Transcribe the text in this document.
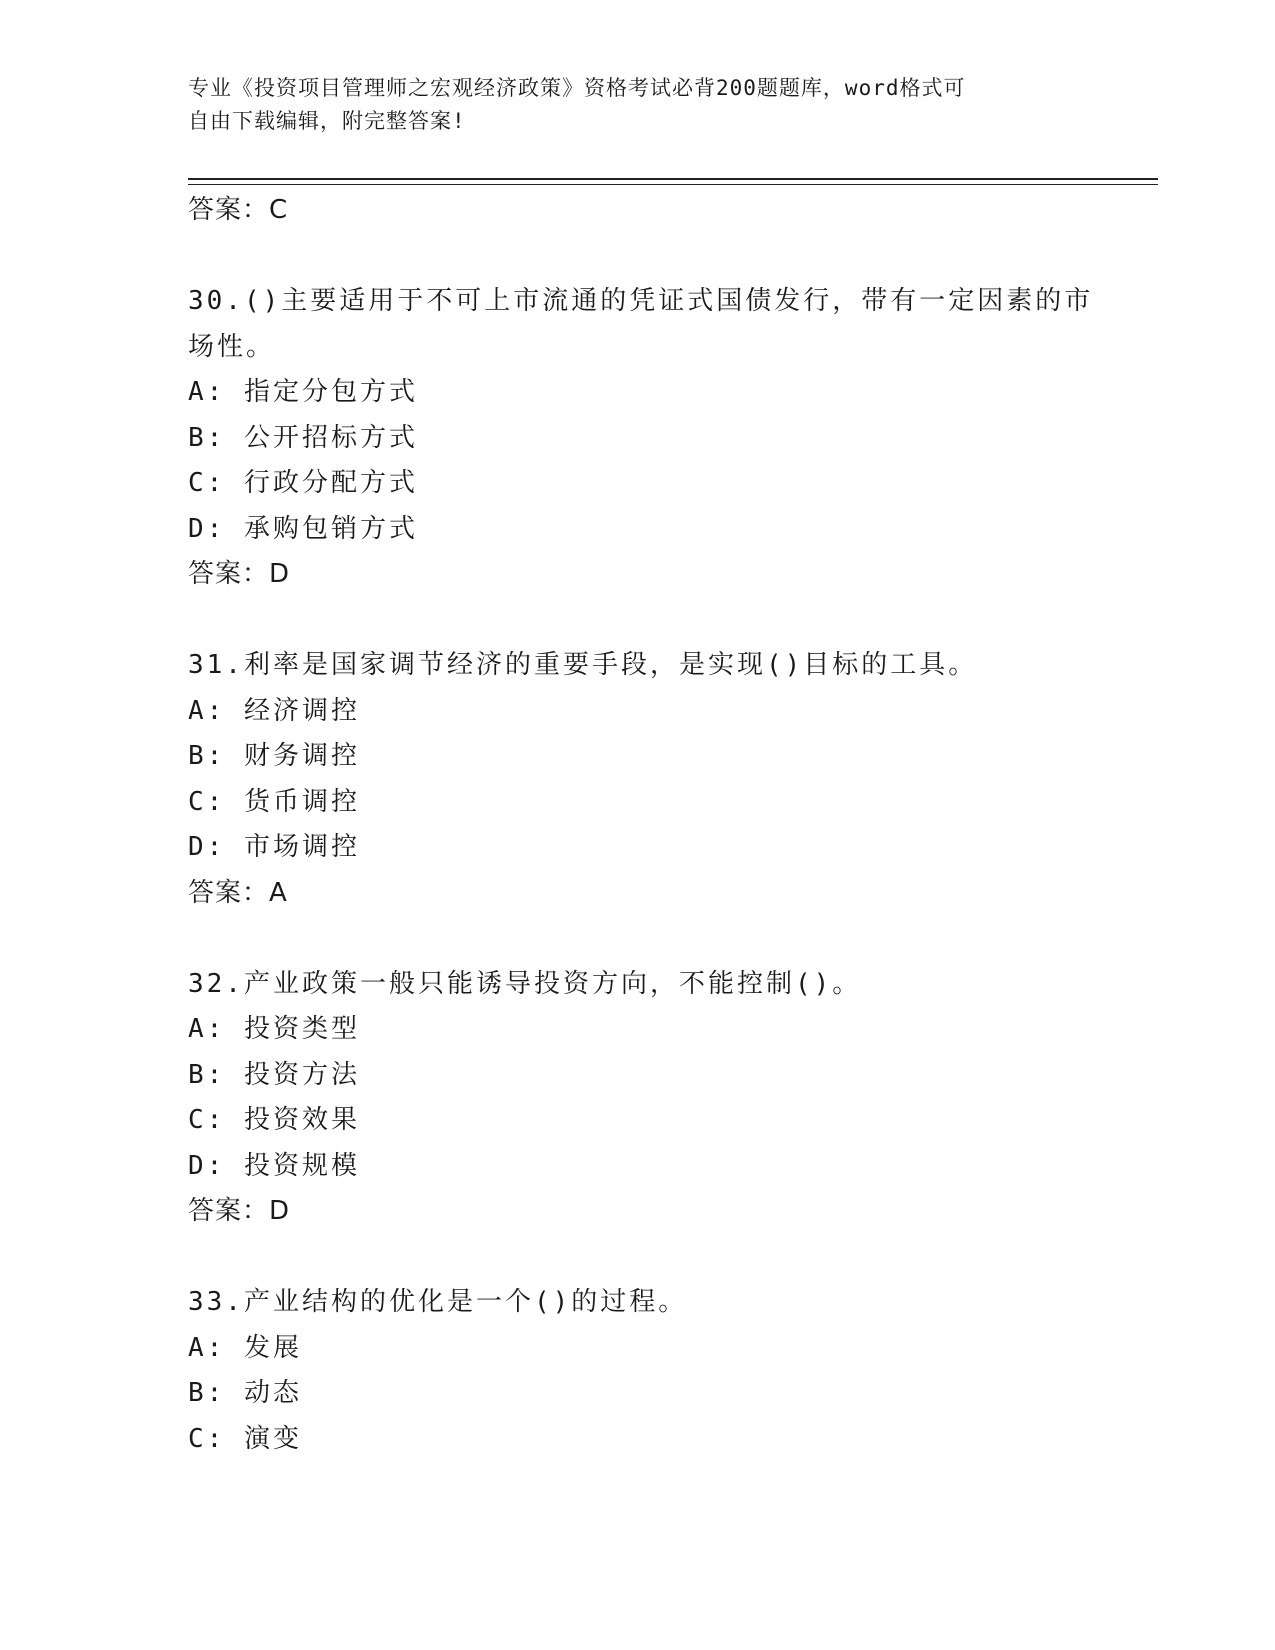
专业《投资项目管理师之宏观经济政策》资格考试必背200题题库，word格式可
自由下载编辑，附完整答案!
答案：C
30.()主要适用于不可上市流通的凭证式国债发行，带有一定因素的市
场性。
A: 指定分包方式
B: 公开招标方式
C: 行政分配方式
D: 承购包销方式
答案：D
31.利率是国家调节经济的重要手段，是实现()目标的工具。
A: 经济调控
B: 财务调控
C: 货币调控
D: 市场调控
答案：A
32.产业政策一般只能诱导投资方向，不能控制()。
A: 投资类型
B: 投资方法
C: 投资效果
D: 投资规模
答案：D
33.产业结构的优化是一个()的过程。
A: 发展
B: 动态
C: 演变
